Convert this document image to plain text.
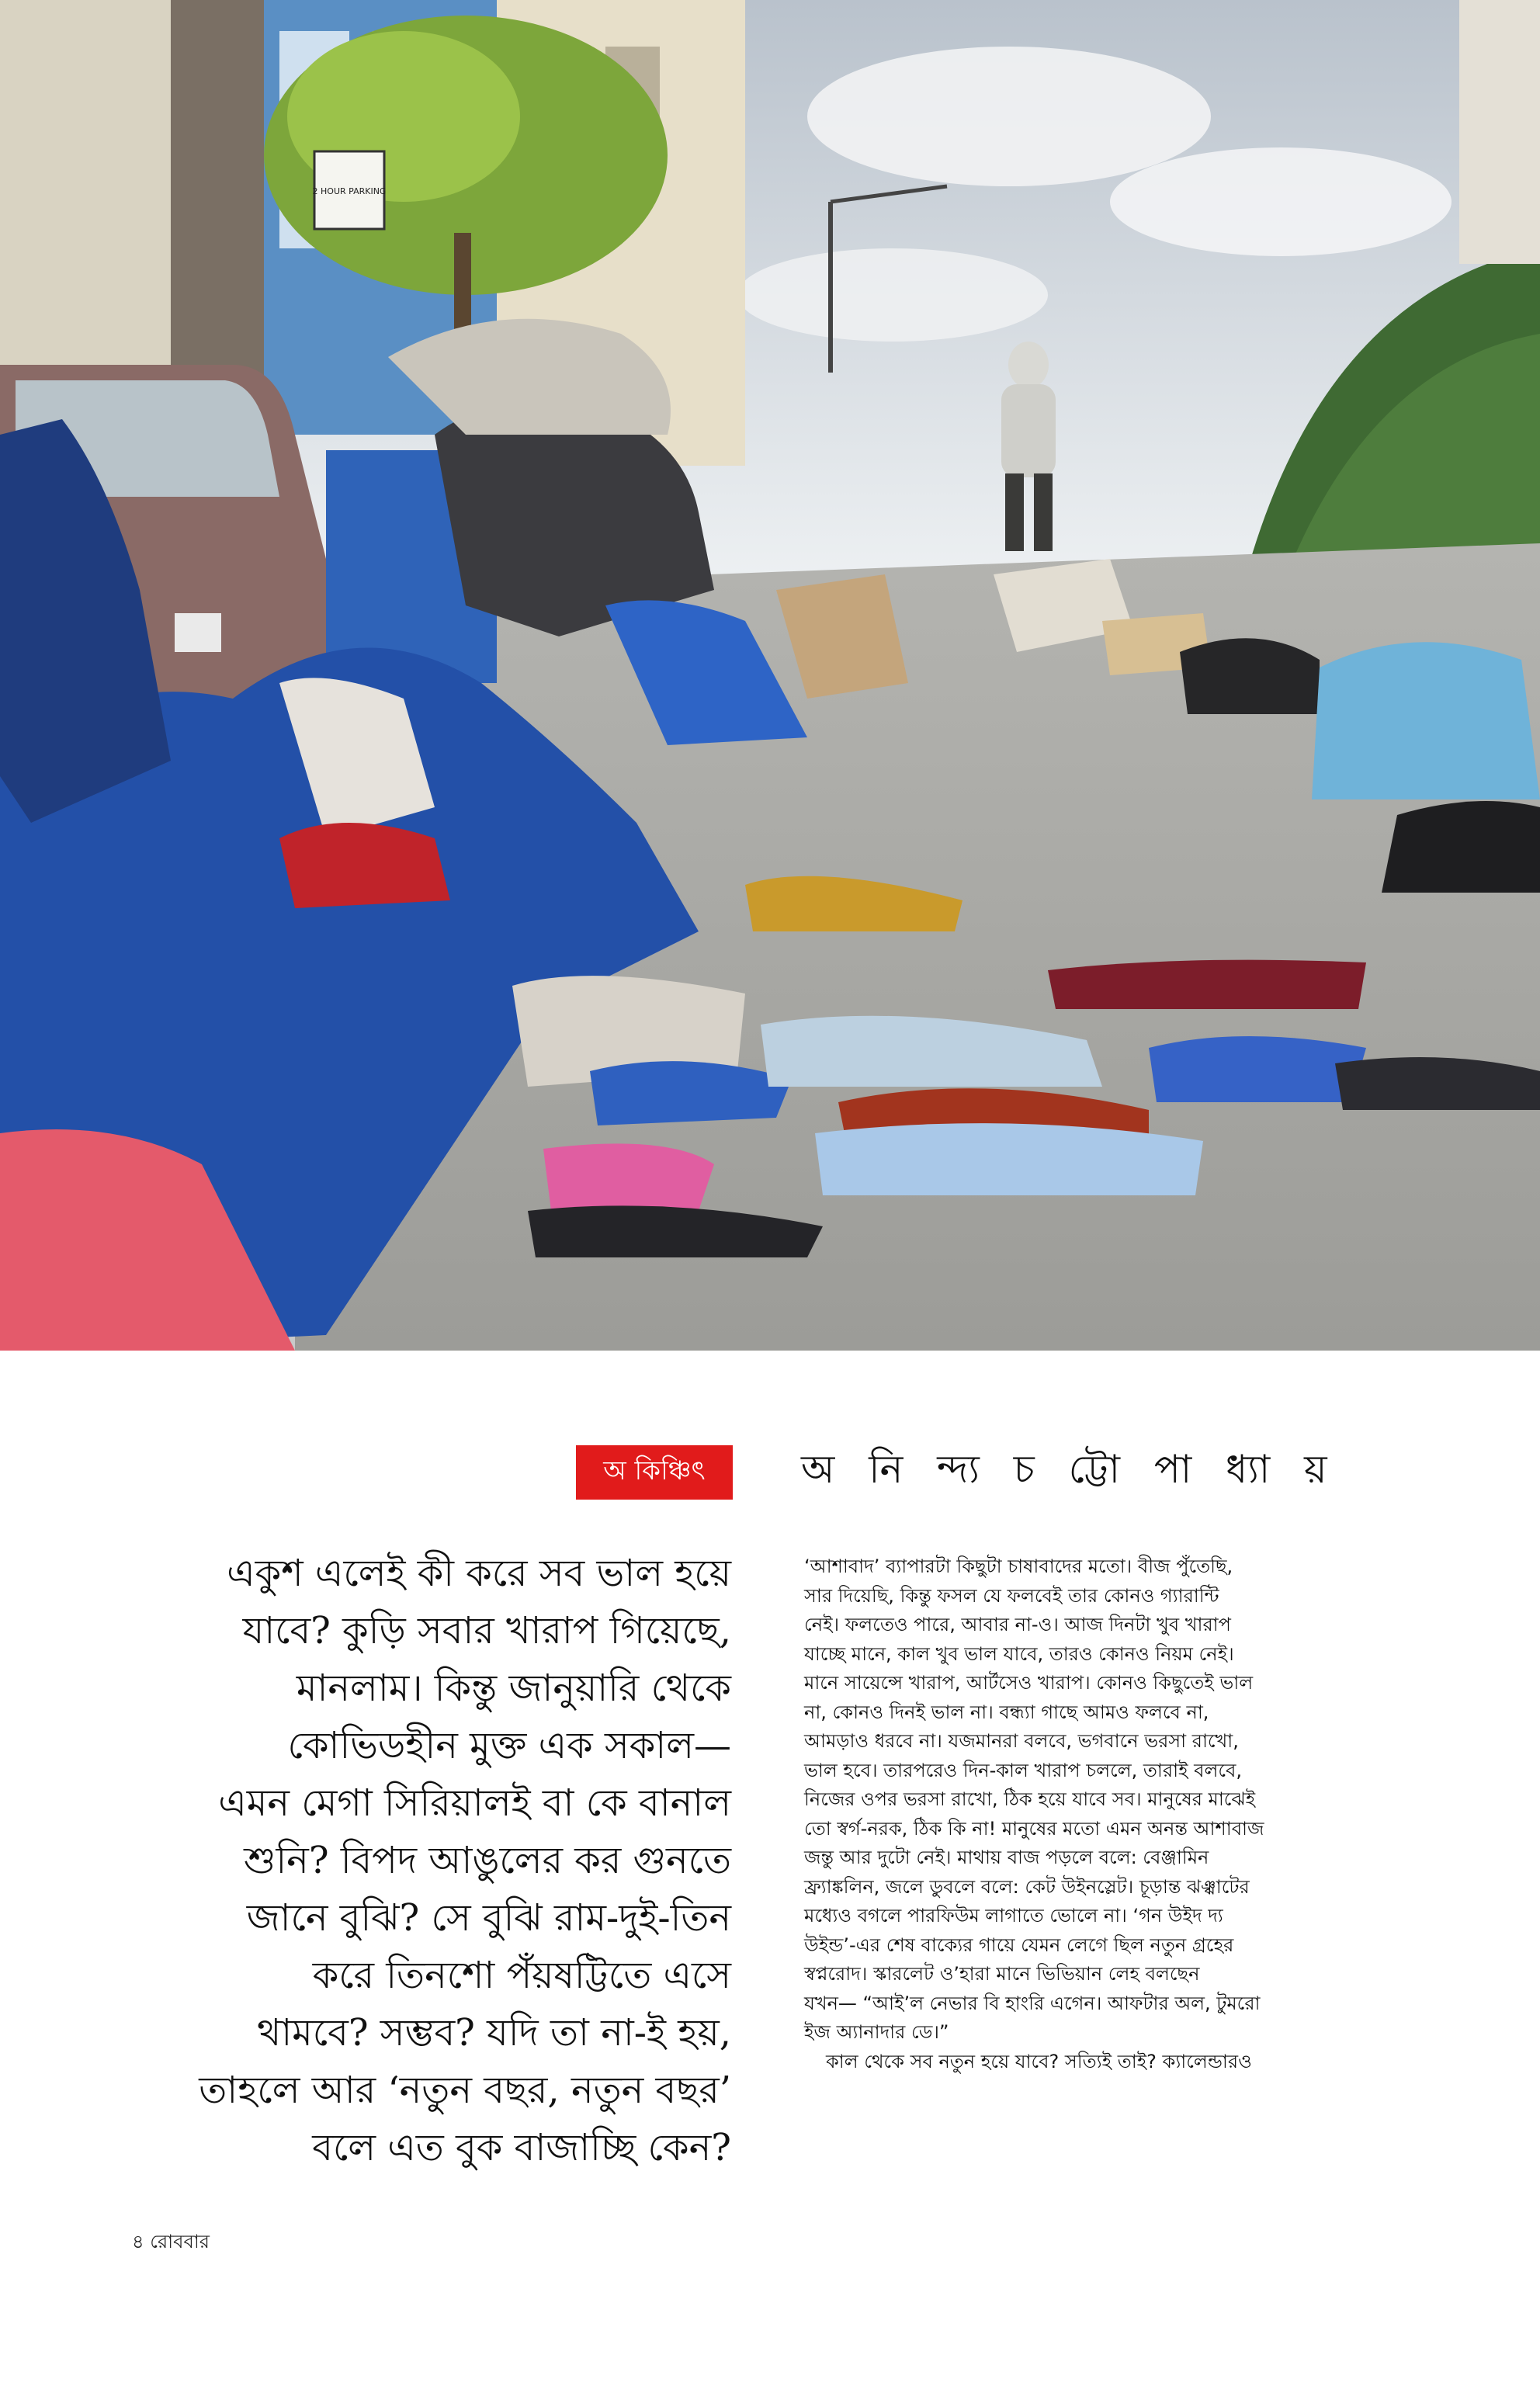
2 HOUR PARKING
অ কিঞ্চিৎ	অ নি ন্দ্য চ ট্টো পা ধ্যা য়
একুশ এলেই কী করে সব ভাল হয়ে
যাবে? কুড়ি সবার খারাপ গিয়েছে,
মানলাম। কিন্তু জানুয়ারি থেকে
কোভিডহীন মুক্ত এক সকাল—
এমন মেগা সিরিয়ালই বা কে বানাল
শুনি? বিপদ আঙুলের কর গুনতে
জানে বুঝি? সে বুঝি রাম-দুই-তিন
করে তিনশো পঁয়ষট্টিতে এসে
থামবে? সম্ভব? যদি তা না-ই হয়,
তাহলে আর ‘নতুন বছর, নতুন বছর’
বলে এত বুক বাজাচ্ছি কেন?
‘আশাবাদ’ ব্যাপারটা কিছুটা চাষাবাদের মতো। বীজ পুঁতেছি,
সার দিয়েছি, কিন্তু ফসল যে ফলবেই তার কোনও গ্যারান্টি
নেই। ফলতেও পারে, আবার না-ও। আজ দিনটা খুব খারাপ
যাচ্ছে মানে, কাল খুব ভাল যাবে, তারও কোনও নিয়ম নেই।
মানে সায়েন্সে খারাপ, আর্টসেও খারাপ। কোনও কিছুতেই ভাল
না, কোনও দিনই ভাল না। বন্ধ্যা গাছে আমও ফলবে না,
আমড়াও ধরবে না। যজমানরা বলবে, ভগবানে ভরসা রাখো,
ভাল হবে। তারপরেও দিন-কাল খারাপ চললে, তারাই বলবে,
নিজের ওপর ভরসা রাখো, ঠিক হয়ে যাবে সব। মানুষের মাঝেই
তো স্বর্গ-নরক, ঠিক কি না! মানুষের মতো এমন অনন্ত আশাবাজ
জন্তু আর দুটো নেই। মাথায় বাজ পড়লে বলে: বেঞ্জামিন
ফ্র্যাঙ্কলিন, জলে ডুবলে বলে: কেট উইনস্লেট। চূড়ান্ত ঝঞ্ঝাটের
মধ্যেও বগলে পারফিউম লাগাতে ভোলে না। ‘গন উইদ দ্য
উইন্ড’-এর শেষ বাক্যের গায়ে যেমন লেগে ছিল নতুন গ্রহের
স্বপ্নরোদ। স্কারলেট ও’হারা মানে ভিভিয়ান লেহ বলছেন
যখন— “আই’ল নেভার বি হাংরি এগেন। আফটার অল, টুমরো
ইজ অ্যানাদার ডে।”
কাল থেকে সব নতুন হয়ে যাবে? সত্যিই তাই? ক্যালেন্ডারও
৪ রোববার
